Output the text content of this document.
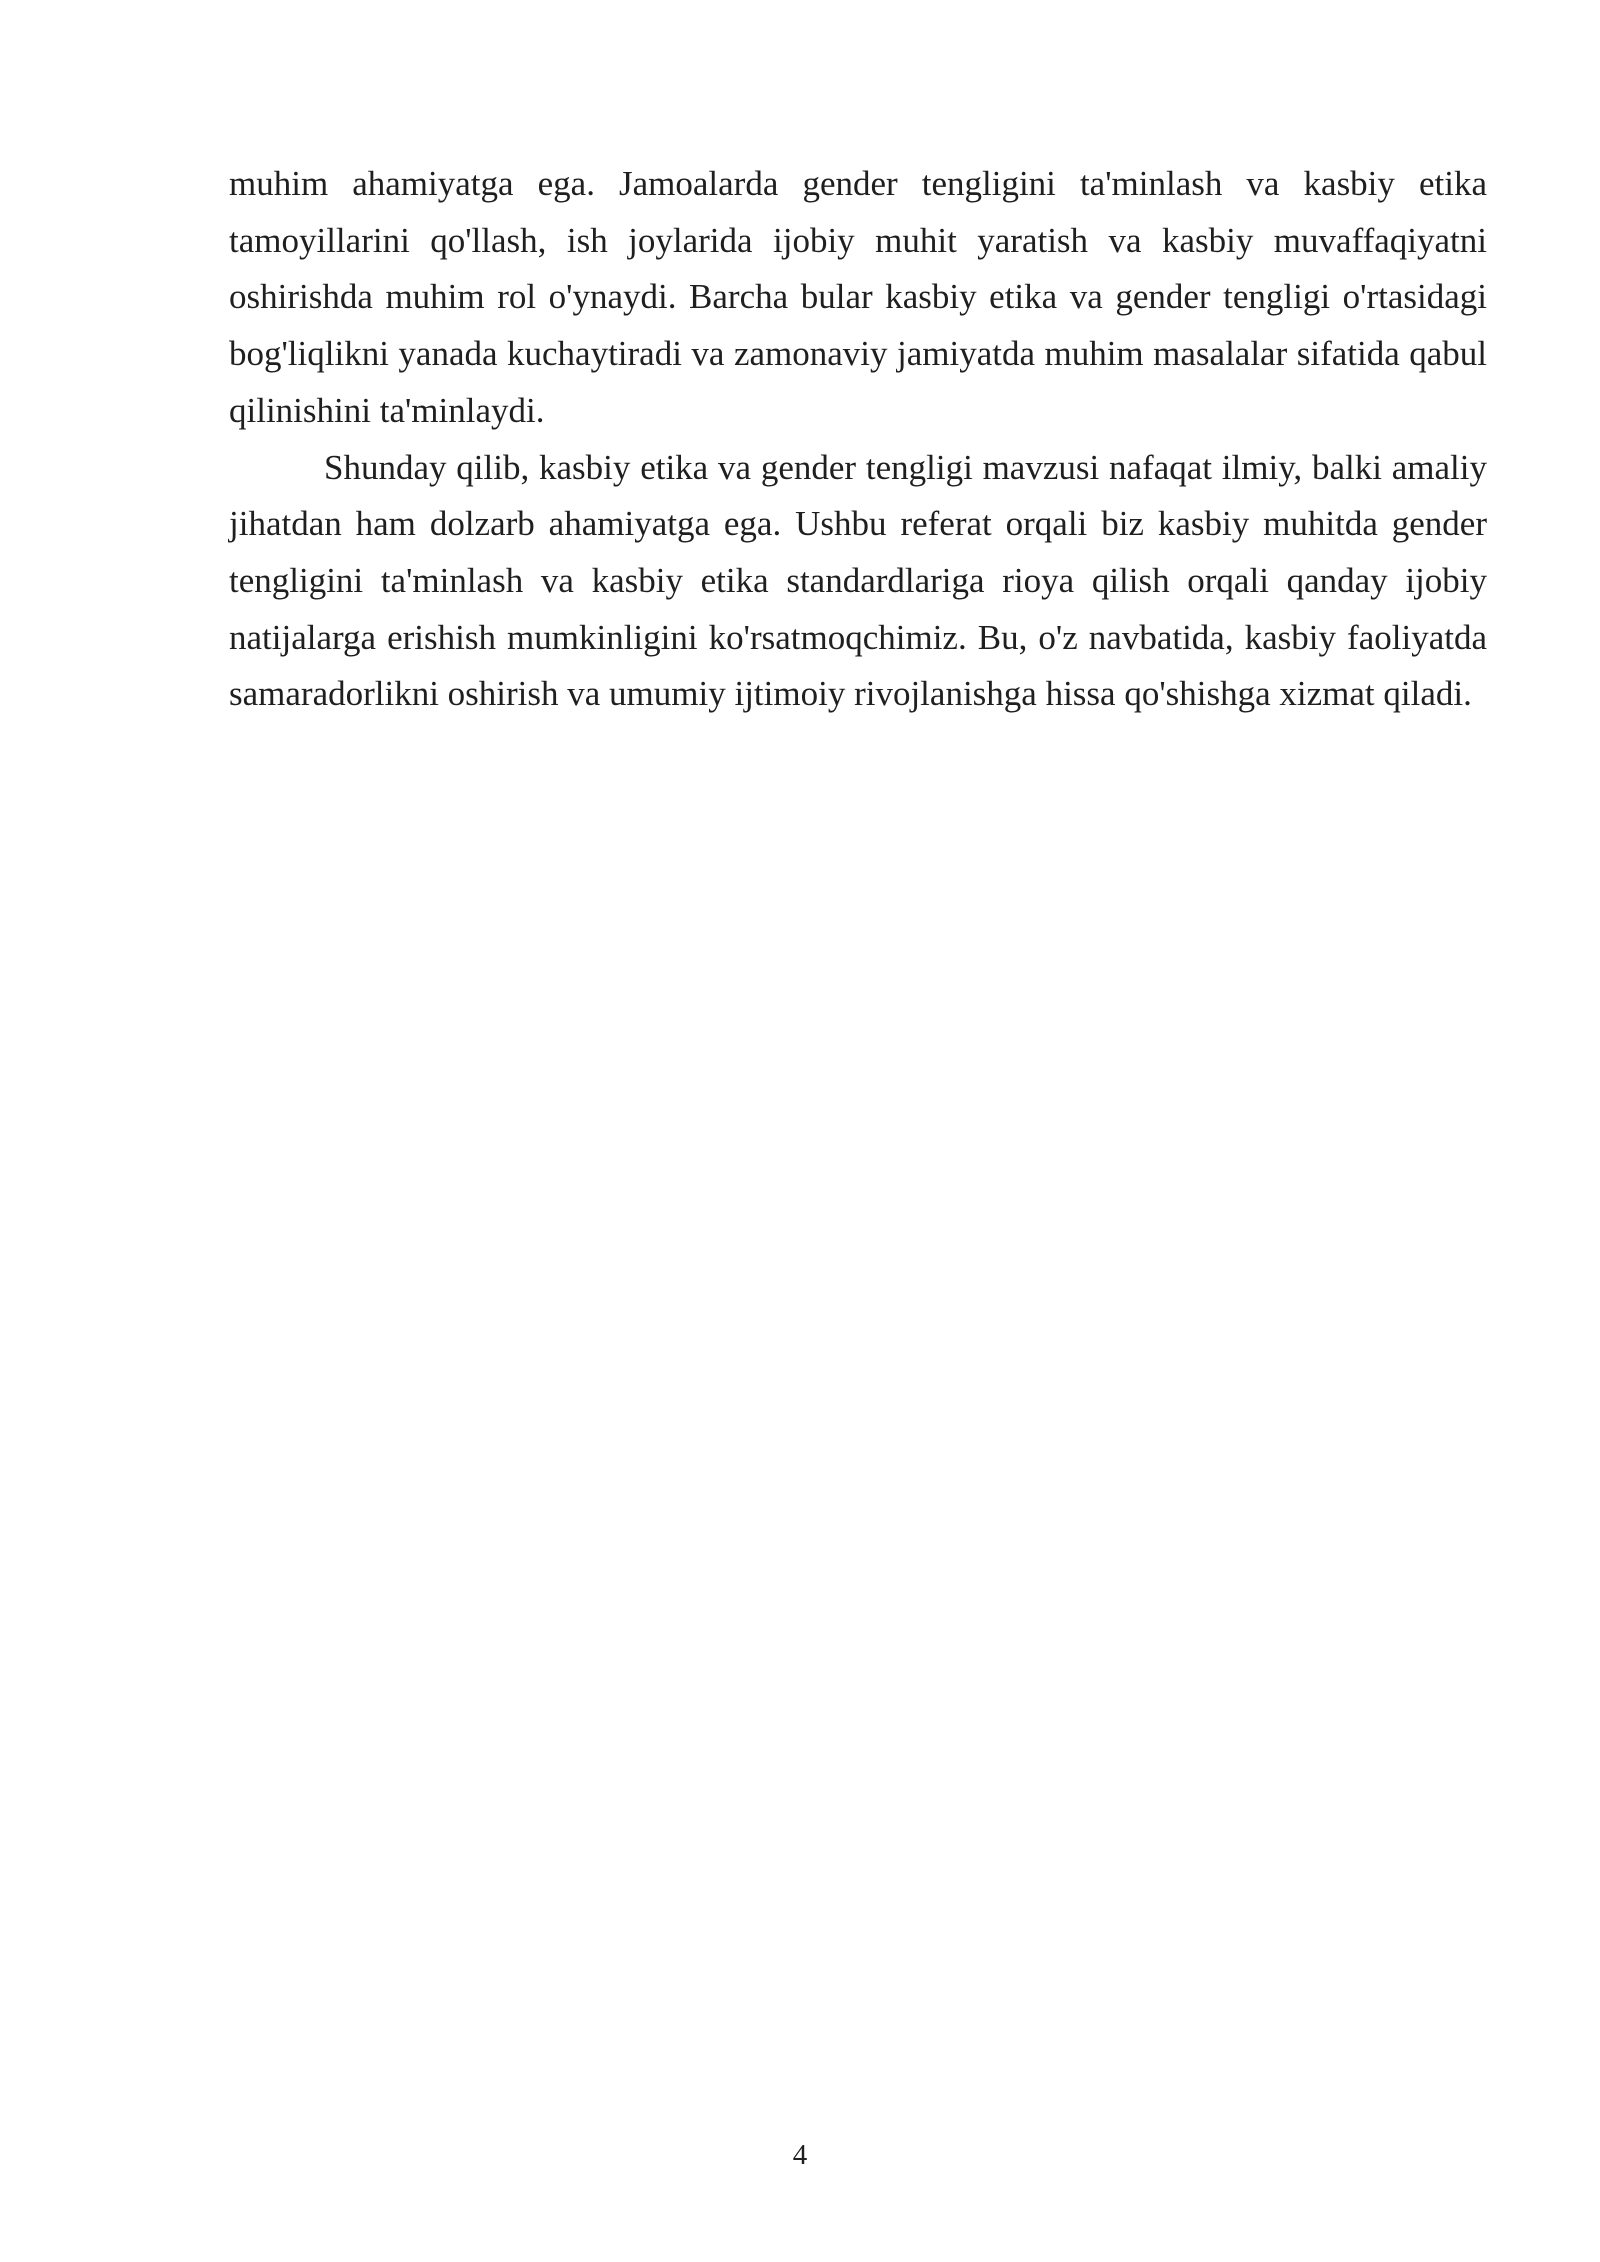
muhim ahamiyatga ega. Jamoalarda gender tengligini ta'minlash va kasbiy etika tamoyillarini qo'llash, ish joylarida ijobiy muhit yaratish va kasbiy muvaffaqiyatni oshirishda muhim rol o'ynaydi. Barcha bular kasbiy etika va gender tengligi o'rtasidagi bog'liqlikni yanada kuchaytiradi va zamonaviy jamiyatda muhim masalalar sifatida qabul qilinishini ta'minlaydi.

Shunday qilib, kasbiy etika va gender tengligi mavzusi nafaqat ilmiy, balki amaliy jihatdan ham dolzarb ahamiyatga ega. Ushbu referat orqali biz kasbiy muhitda gender tengligini ta'minlash va kasbiy etika standardlariga rioya qilish orqali qanday ijobiy natijalarga erishish mumkinligini ko'rsatmoqchimiz. Bu, o'z navbatida, kasbiy faoliyatda samaradorlikni oshirish va umumiy ijtimoiy rivojlanishga hissa qo'shishga xizmat qiladi.

4
